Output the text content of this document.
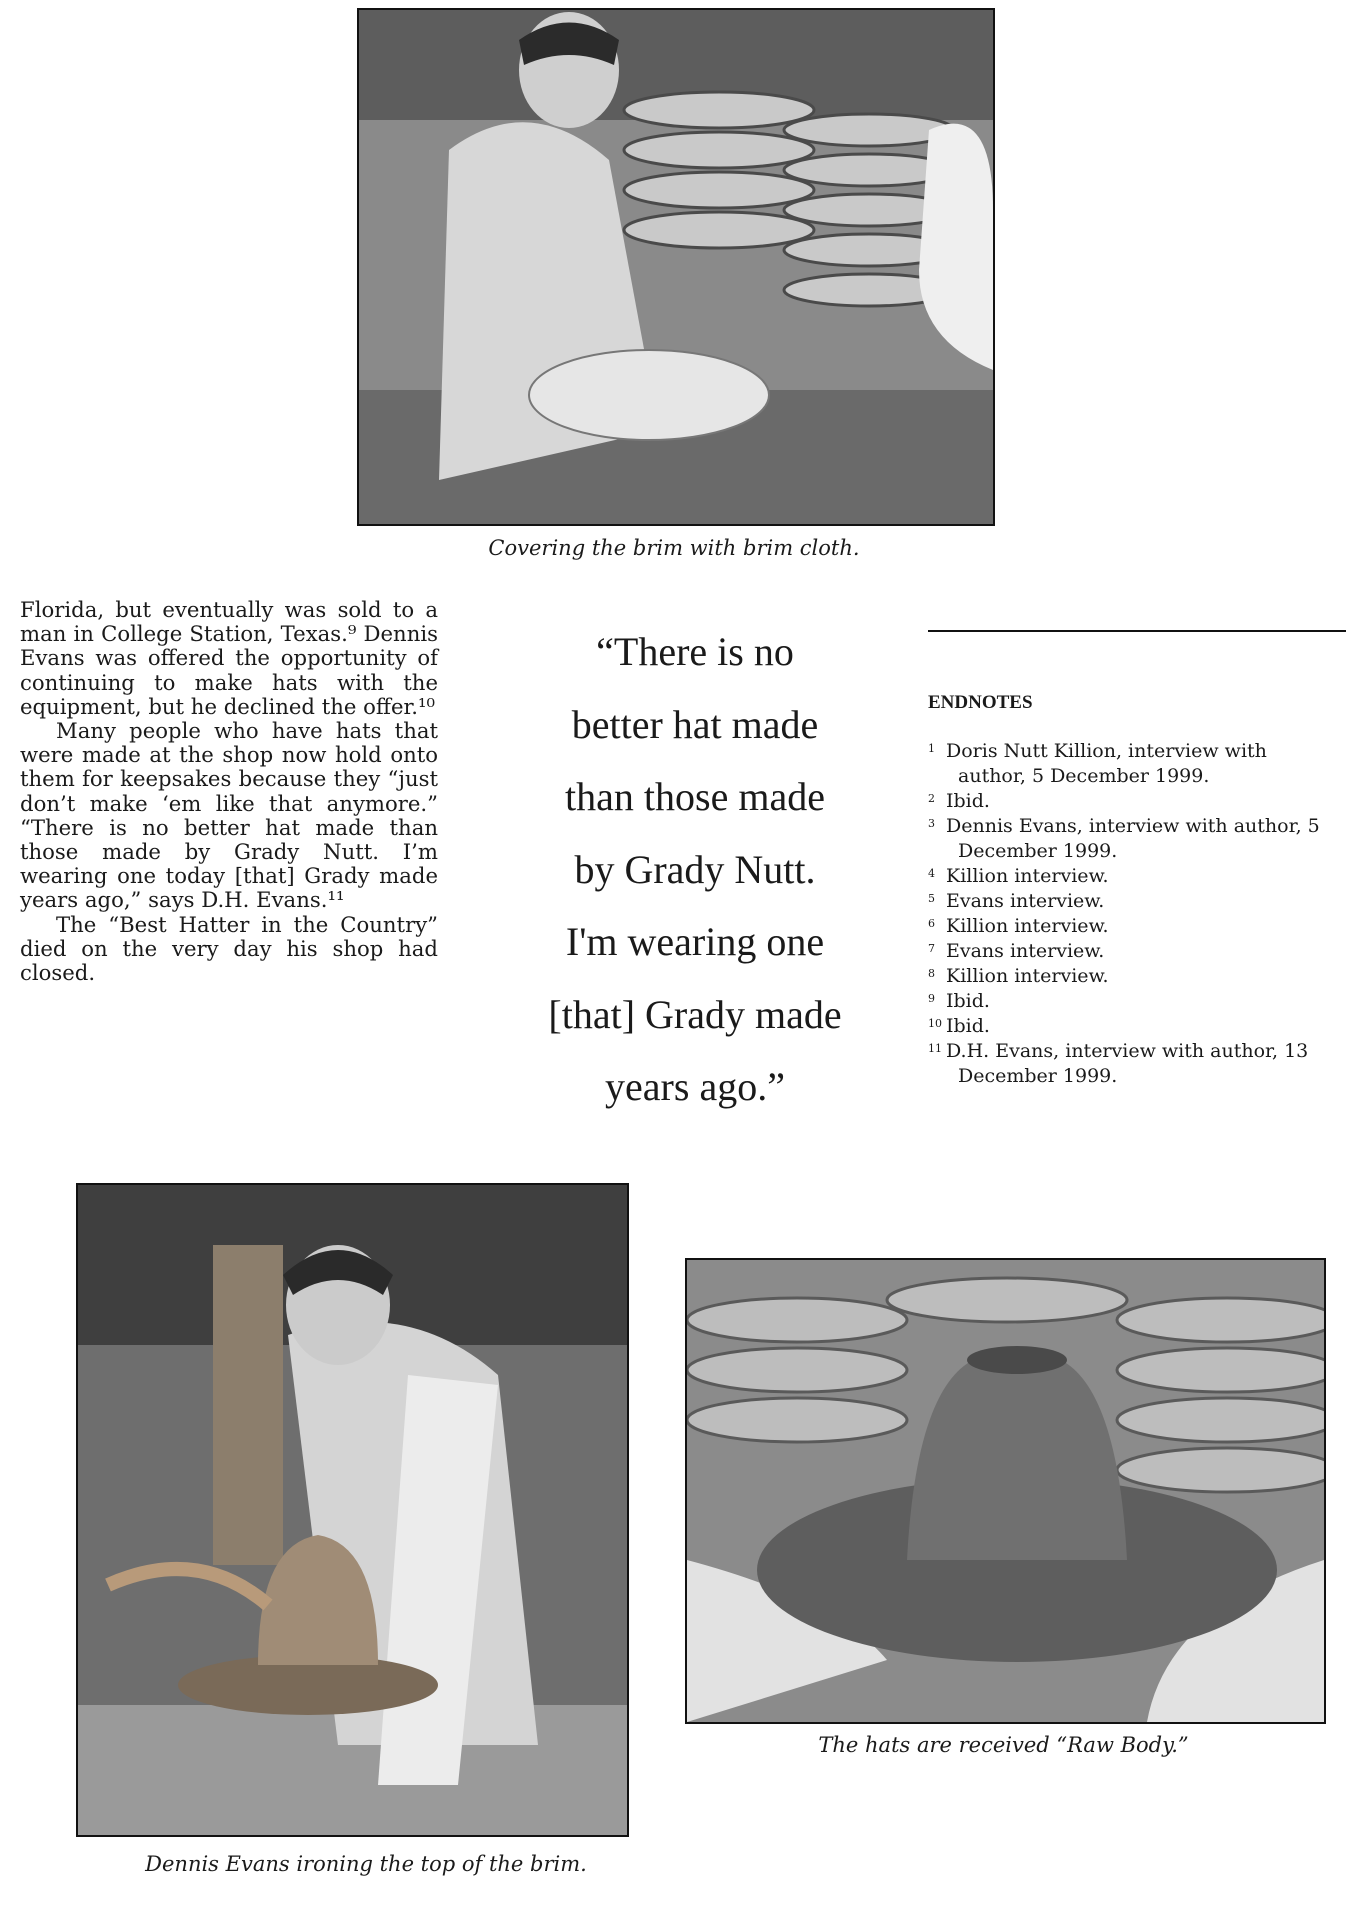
Covering the brim with brim cloth.

Florida, but eventually was sold to a man in College Station, Texas.⁹ Dennis Evans was offered the opportunity of continuing to make hats with the equipment, but he declined the offer.¹⁰

Many people who have hats that were made at the shop now hold onto them for keepsakes because they “just don’t make ‘em like that anymore.” “There is no better hat made than those made by Grady Nutt. I’m wearing one today [that] Grady made years ago,” says D.H. Evans.¹¹

The “Best Hatter in the Country” died on the very day his shop had closed.

“There is no
better hat made
than those made
by Grady Nutt.
I'm wearing one
[that] Grady made
years ago.”
ENDNOTES
1 Doris Nutt Killion, interview with
author, 5 December 1999.
2 Ibid.
3 Dennis Evans, interview with author, 5
December 1999.
4 Killion interview.
5 Evans interview.
6 Killion interview.
7 Evans interview.
8 Killion interview.
9 Ibid.
10 Ibid.
11 D.H. Evans, interview with author, 13
December 1999.

Dennis Evans ironing the top of the brim.

The hats are received “Raw Body.”
